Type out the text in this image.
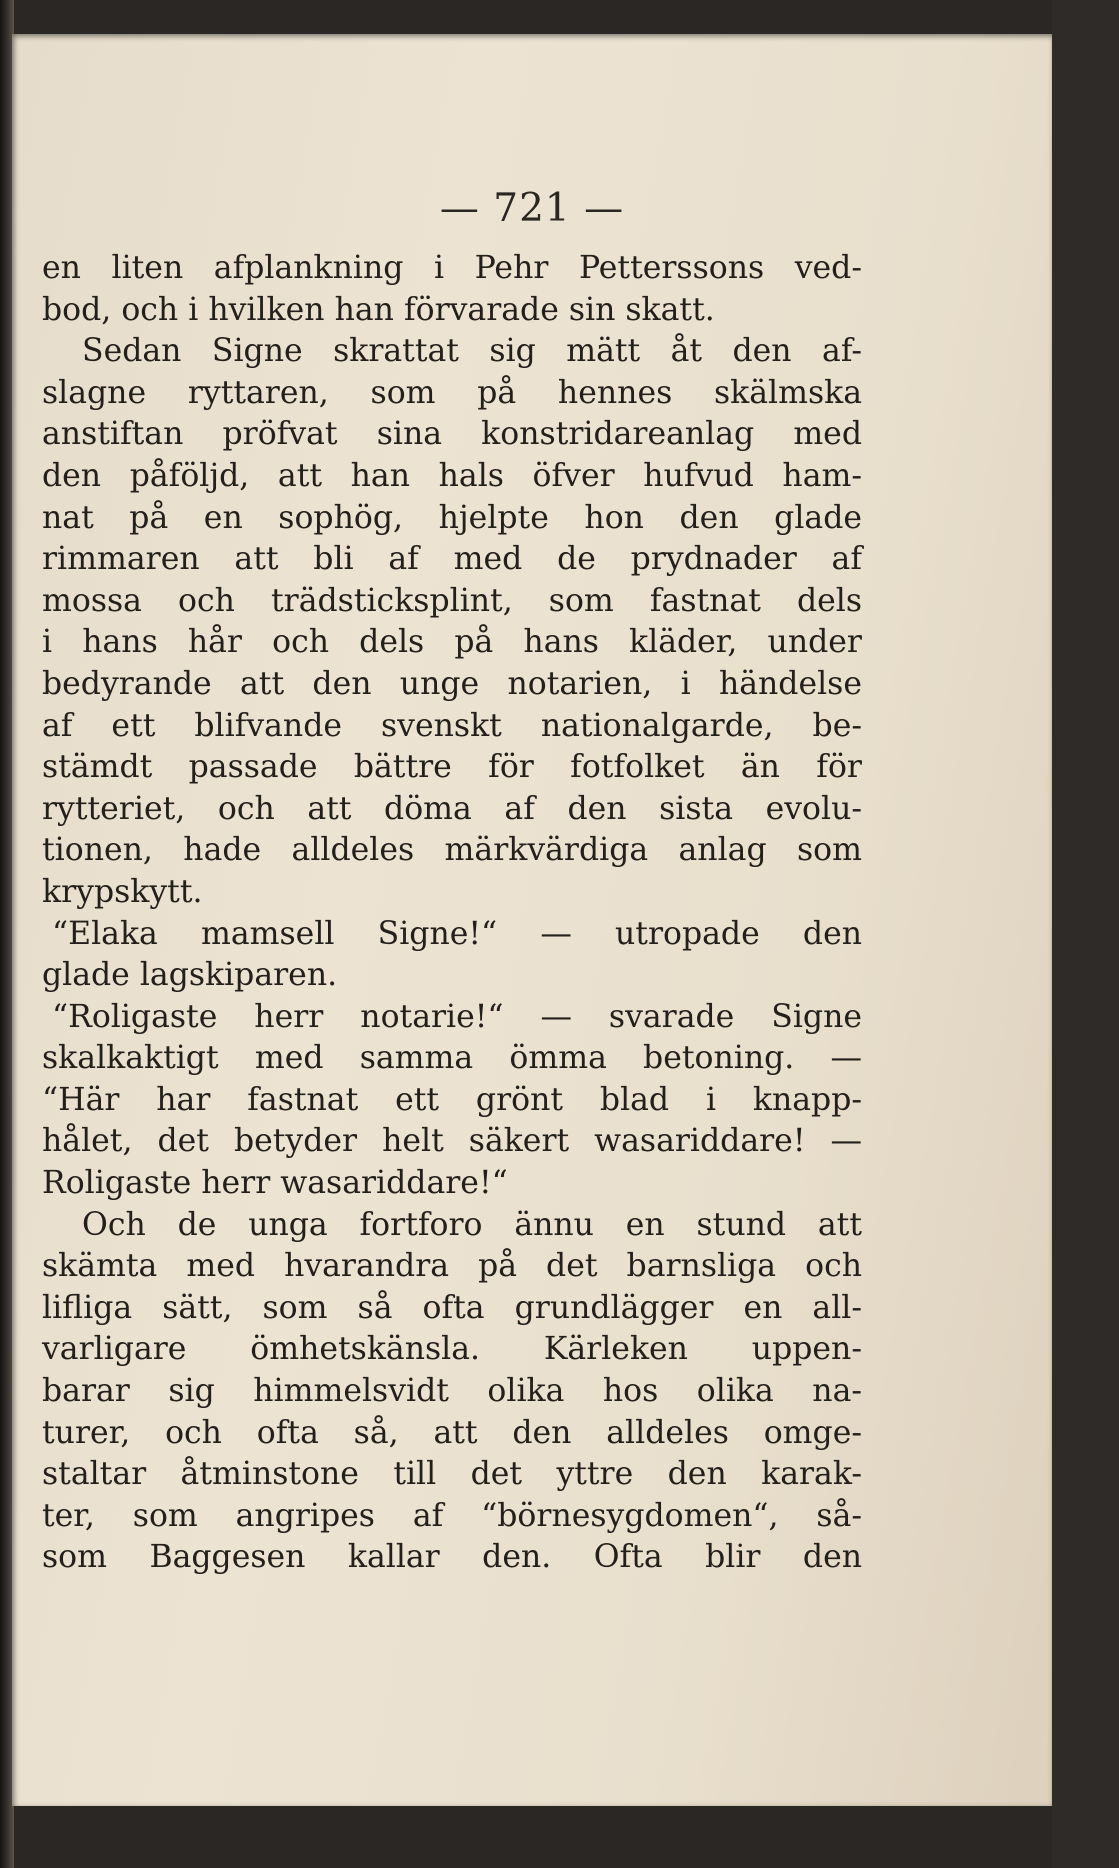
— 721 —
en liten afplankning i Pehr Petterssons ved-
bod, och i hvilken han förvarade sin skatt.
Sedan Signe skrattat sig mätt åt den af-
slagne ryttaren, som på hennes skälmska
anstiftan pröfvat sina konstridareanlag med
den påföljd, att han hals öfver hufvud ham-
nat på en sophög, hjelpte hon den glade
rimmaren att bli af med de prydnader af
mossa och trädsticksplint, som fastnat dels
i hans hår och dels på hans kläder, under
bedyrande att den unge notarien, i händelse
af ett blifvande svenskt nationalgarde, be-
stämdt passade bättre för fotfolket än för
rytteriet, och att döma af den sista evolu-
tionen, hade alldeles märkvärdiga anlag som
krypskytt.
“Elaka mamsell Signe!“ — utropade den
glade lagskiparen.
“Roligaste herr notarie!“ — svarade Signe
skalkaktigt med samma ömma betoning. —
“Här har fastnat ett grönt blad i knapp-
hålet, det betyder helt säkert wasariddare! —
Roligaste herr wasariddare!“
Och de unga fortforo ännu en stund att
skämta med hvarandra på det barnsliga och
lifliga sätt, som så ofta grundlägger en all-
varligare ömhetskänsla. Kärleken uppen-
barar sig himmelsvidt olika hos olika na-
turer, och ofta så, att den alldeles omge-
staltar åtminstone till det yttre den karak-
ter, som angripes af “börnesygdomen“, så-
som Baggesen kallar den. Ofta blir den
